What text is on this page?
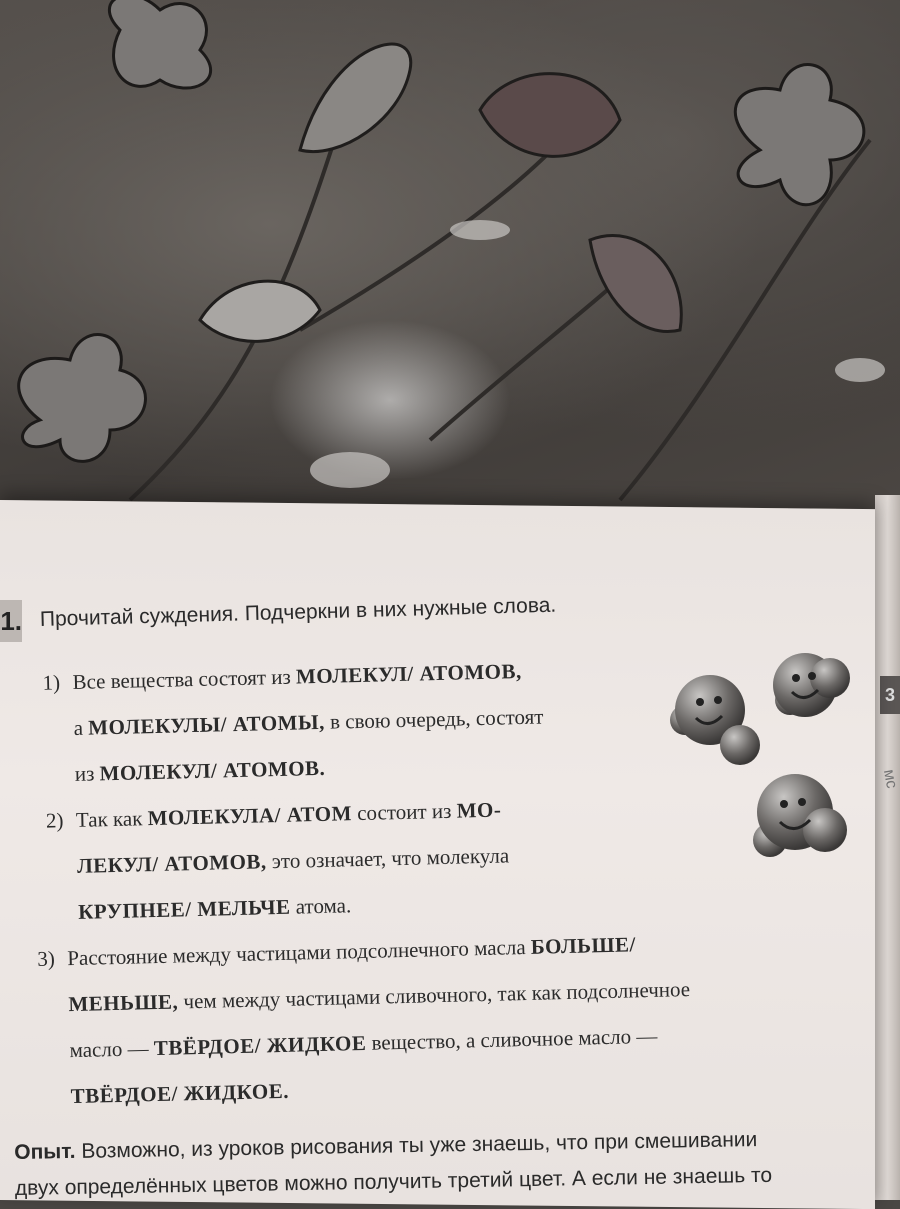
3
мс
1. Прочитай суждения. Подчеркни в них нужные слова.
1) Все вещества состоят из МОЛЕКУЛ/ АТОМОВ,
а МОЛЕКУЛЫ/ АТОМЫ, в свою очередь, состоят
из МОЛЕКУЛ/ АТОМОВ.
2) Так как МОЛЕКУЛА/ АТОМ состоит из МО-
ЛЕКУЛ/ АТОМОВ, это означает, что молекула
КРУПНЕЕ/ МЕЛЬЧЕ атома.
3) Расстояние между частицами подсолнечного масла БОЛЬШЕ/
МЕНЬШЕ, чем между частицами сливочного, так как подсолнечное
масло — ТВЁРДОЕ/ ЖИДКОЕ вещество, а сливочное масло —
ТВЁРДОЕ/ ЖИДКОЕ.
Опыт. Возможно, из уроков рисования ты уже знаешь, что при смешивании
двух определённых цветов можно получить третий цвет. А если не знаешь то
